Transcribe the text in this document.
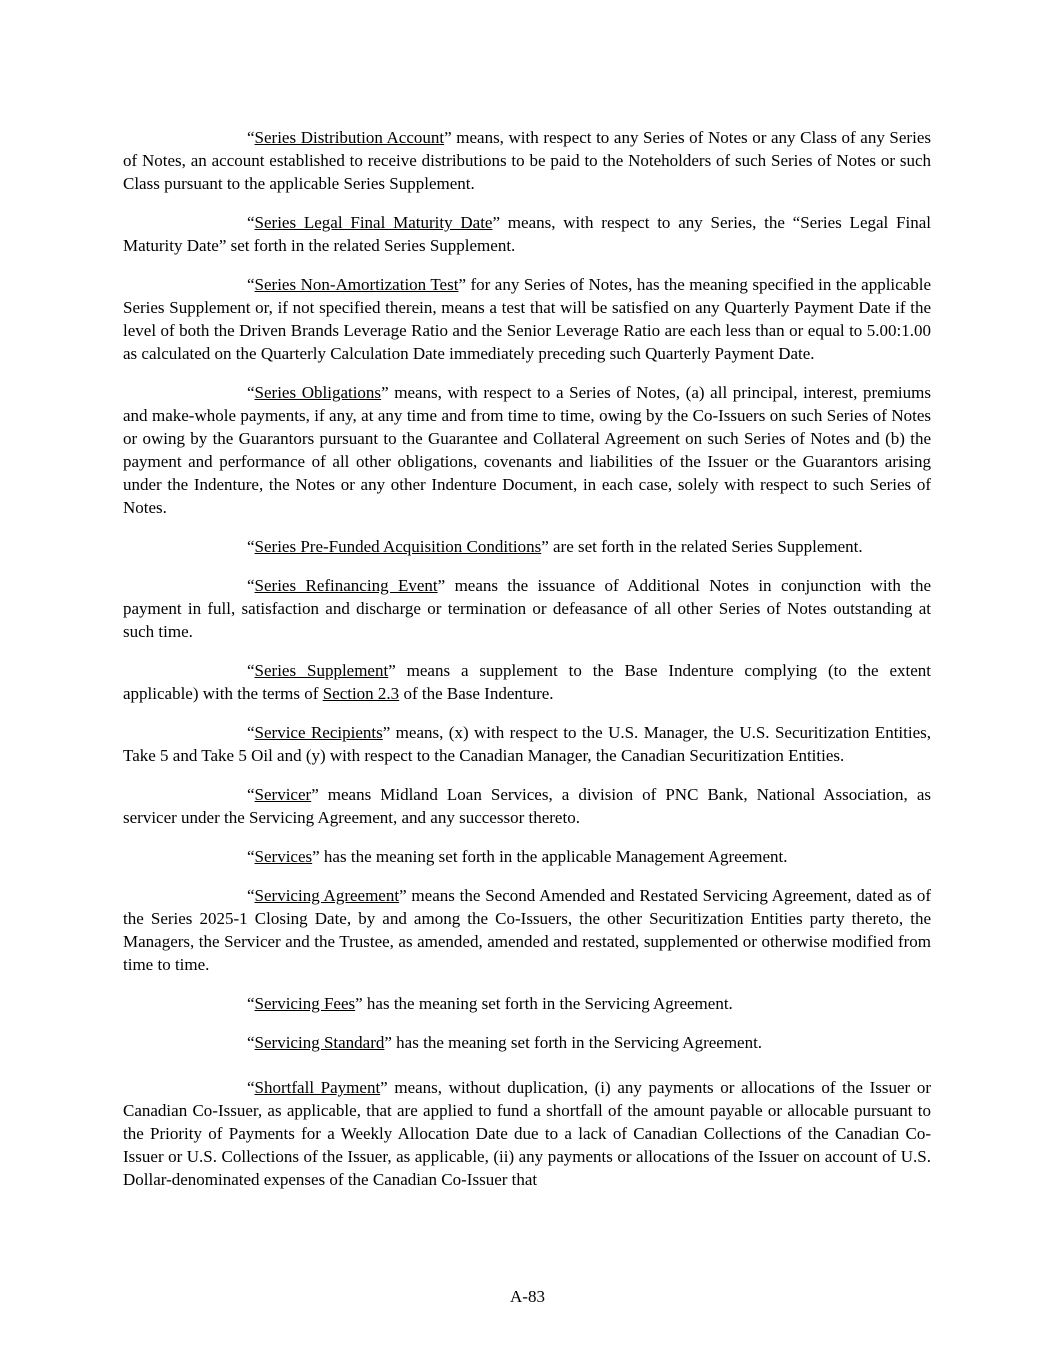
“Series Distribution Account” means, with respect to any Series of Notes or any Class of any Series of Notes, an account established to receive distributions to be paid to the Noteholders of such Series of Notes or such Class pursuant to the applicable Series Supplement.

“Series Legal Final Maturity Date” means, with respect to any Series, the “Series Legal Final Maturity Date” set forth in the related Series Supplement.

“Series Non-Amortization Test” for any Series of Notes, has the meaning specified in the applicable Series Supplement or, if not specified therein, means a test that will be satisfied on any Quarterly Payment Date if the level of both the Driven Brands Leverage Ratio and the Senior Leverage Ratio are each less than or equal to 5.00:1.00 as calculated on the Quarterly Calculation Date immediately preceding such Quarterly Payment Date.

“Series Obligations” means, with respect to a Series of Notes, (a) all principal, interest, premiums and make-whole payments, if any, at any time and from time to time, owing by the Co-Issuers on such Series of Notes or owing by the Guarantors pursuant to the Guarantee and Collateral Agreement on such Series of Notes and (b) the payment and performance of all other obligations, covenants and liabilities of the Issuer or the Guarantors arising under the Indenture, the Notes or any other Indenture Document, in each case, solely with respect to such Series of Notes.

“Series Pre-Funded Acquisition Conditions” are set forth in the related Series Supplement.

“Series Refinancing Event” means the issuance of Additional Notes in conjunction with the payment in full, satisfaction and discharge or termination or defeasance of all other Series of Notes outstanding at such time.

“Series Supplement” means a supplement to the Base Indenture complying (to the extent applicable) with the terms of Section 2.3 of the Base Indenture.

“Service Recipients” means, (x) with respect to the U.S. Manager, the U.S. Securitization Entities, Take 5 and Take 5 Oil and (y) with respect to the Canadian Manager, the Canadian Securitization Entities.

“Servicer” means Midland Loan Services, a division of PNC Bank, National Association, as servicer under the Servicing Agreement, and any successor thereto.

“Services” has the meaning set forth in the applicable Management Agreement.

“Servicing Agreement” means the Second Amended and Restated Servicing Agreement, dated as of the Series 2025-1 Closing Date, by and among the Co-Issuers, the other Securitization Entities party thereto, the Managers, the Servicer and the Trustee, as amended, amended and restated, supplemented or otherwise modified from time to time.

“Servicing Fees” has the meaning set forth in the Servicing Agreement.

“Servicing Standard” has the meaning set forth in the Servicing Agreement.

“Shortfall Payment” means, without duplication, (i) any payments or allocations of the Issuer or Canadian Co-Issuer, as applicable, that are applied to fund a shortfall of the amount payable or allocable pursuant to the Priority of Payments for a Weekly Allocation Date due to a lack of Canadian Collections of the Canadian Co-Issuer or U.S. Collections of the Issuer, as applicable, (ii) any payments or allocations of the Issuer on account of U.S. Dollar-denominated expenses of the Canadian Co-Issuer that

A-83
